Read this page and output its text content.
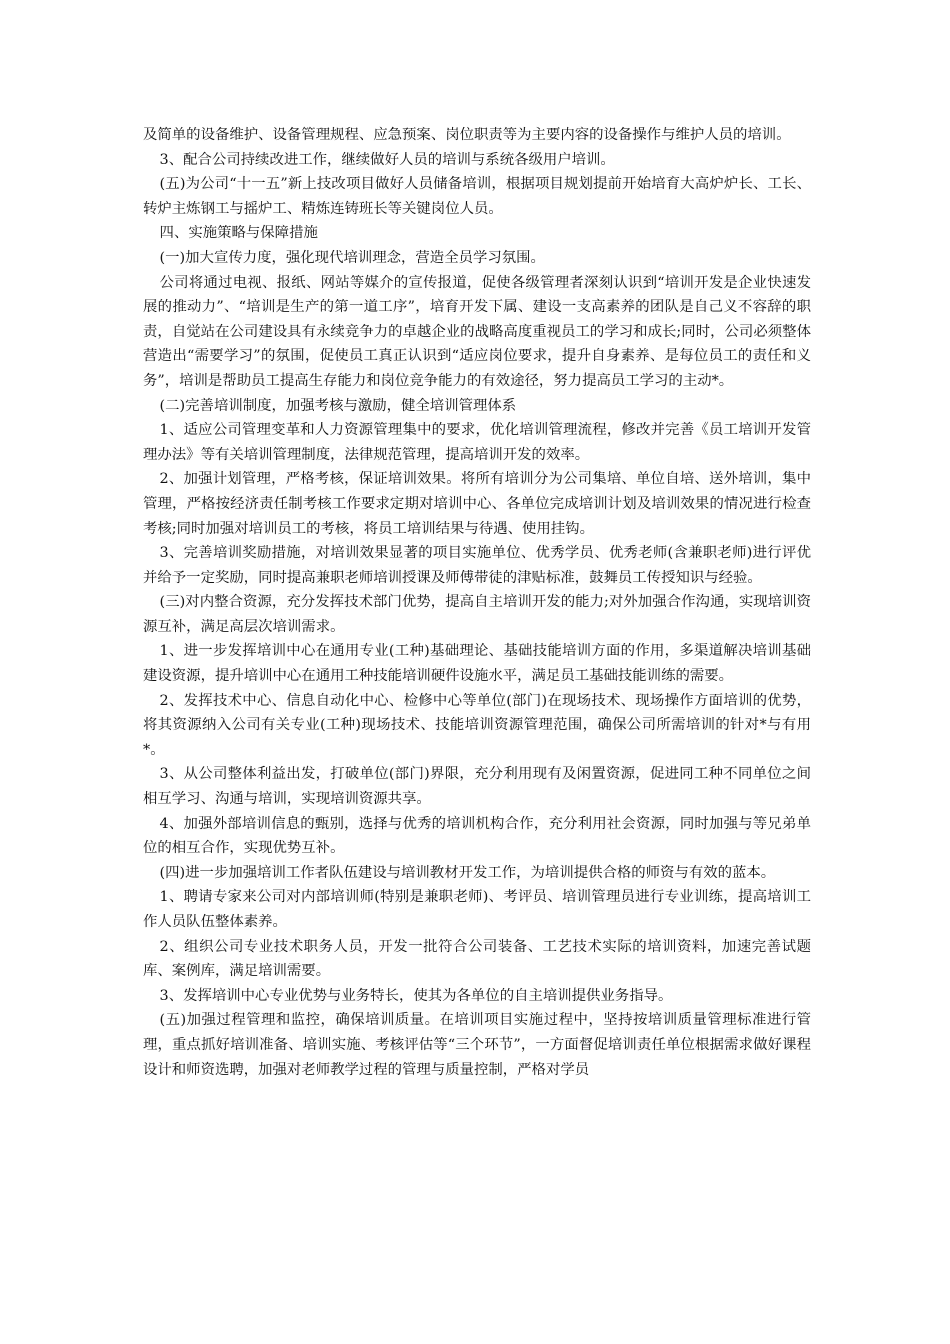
及简单的设备维护、设备管理规程、应急预案、岗位职责等为主要内容的设备操作与维护人员的培训。

3、配合公司持续改进工作，继续做好人员的培训与系统各级用户培训。

(五)为公司“十一五”新上技改项目做好人员储备培训，根据项目规划提前开始培育大高炉炉长、工长、转炉主炼钢工与摇炉工、精炼连铸班长等关键岗位人员。

四、实施策略与保障措施

(一)加大宣传力度，强化现代培训理念，营造全员学习氛围。

公司将通过电视、报纸、网站等媒介的宣传报道，促使各级管理者深刻认识到“培训开发是企业快速发展的推动力”、“培训是生产的第一道工序”，培育开发下属、建设一支高素养的团队是自己义不容辞的职责，自觉站在公司建设具有永续竞争力的卓越企业的战略高度重视员工的学习和成长;同时，公司必须整体营造出“需要学习”的氛围，促使员工真正认识到“适应岗位要求，提升自身素养、是每位员工的责任和义务”，培训是帮助员工提高生存能力和岗位竞争能力的有效途径，努力提高员工学习的主动*。

(二)完善培训制度，加强考核与激励，健全培训管理体系

1、适应公司管理变革和人力资源管理集中的要求，优化培训管理流程，修改并完善《员工培训开发管理办法》等有关培训管理制度，法律规范管理，提高培训开发的效率。

2、加强计划管理，严格考核，保证培训效果。将所有培训分为公司集培、单位自培、送外培训，集中管理，严格按经济责任制考核工作要求定期对培训中心、各单位完成培训计划及培训效果的情况进行检查考核;同时加强对培训员工的考核，将员工培训结果与待遇、使用挂钩。

3、完善培训奖励措施，对培训效果显著的项目实施单位、优秀学员、优秀老师(含兼职老师)进行评优并给予一定奖励，同时提高兼职老师培训授课及师傅带徒的津贴标准，鼓舞员工传授知识与经验。

(三)对内整合资源，充分发挥技术部门优势，提高自主培训开发的能力;对外加强合作沟通，实现培训资源互补，满足高层次培训需求。

1、进一步发挥培训中心在通用专业(工种)基础理论、基础技能培训方面的作用，多渠道解决培训基础建设资源，提升培训中心在通用工种技能培训硬件设施水平，满足员工基础技能训练的需要。

2、发挥技术中心、信息自动化中心、检修中心等单位(部门)在现场技术、现场操作方面培训的优势，将其资源纳入公司有关专业(工种)现场技术、技能培训资源管理范围，确保公司所需培训的针对*与有用*。

3、从公司整体利益出发，打破单位(部门)界限，充分利用现有及闲置资源，促进同工种不同单位之间相互学习、沟通与培训，实现培训资源共享。

4、加强外部培训信息的甄别，选择与优秀的培训机构合作，充分利用社会资源，同时加强与等兄弟单位的相互合作，实现优势互补。

(四)进一步加强培训工作者队伍建设与培训教材开发工作，为培训提供合格的师资与有效的蓝本。

1、聘请专家来公司对内部培训师(特别是兼职老师)、考评员、培训管理员进行专业训练，提高培训工作人员队伍整体素养。

2、组织公司专业技术职务人员，开发一批符合公司装备、工艺技术实际的培训资料，加速完善试题库、案例库，满足培训需要。

3、发挥培训中心专业优势与业务特长，使其为各单位的自主培训提供业务指导。

(五)加强过程管理和监控，确保培训质量。在培训项目实施过程中，坚持按培训质量管理标准进行管理，重点抓好培训准备、培训实施、考核评估等“三个环节”，一方面督促培训责任单位根据需求做好课程设计和师资选聘，加强对老师教学过程的管理与质量控制，严格对学员
